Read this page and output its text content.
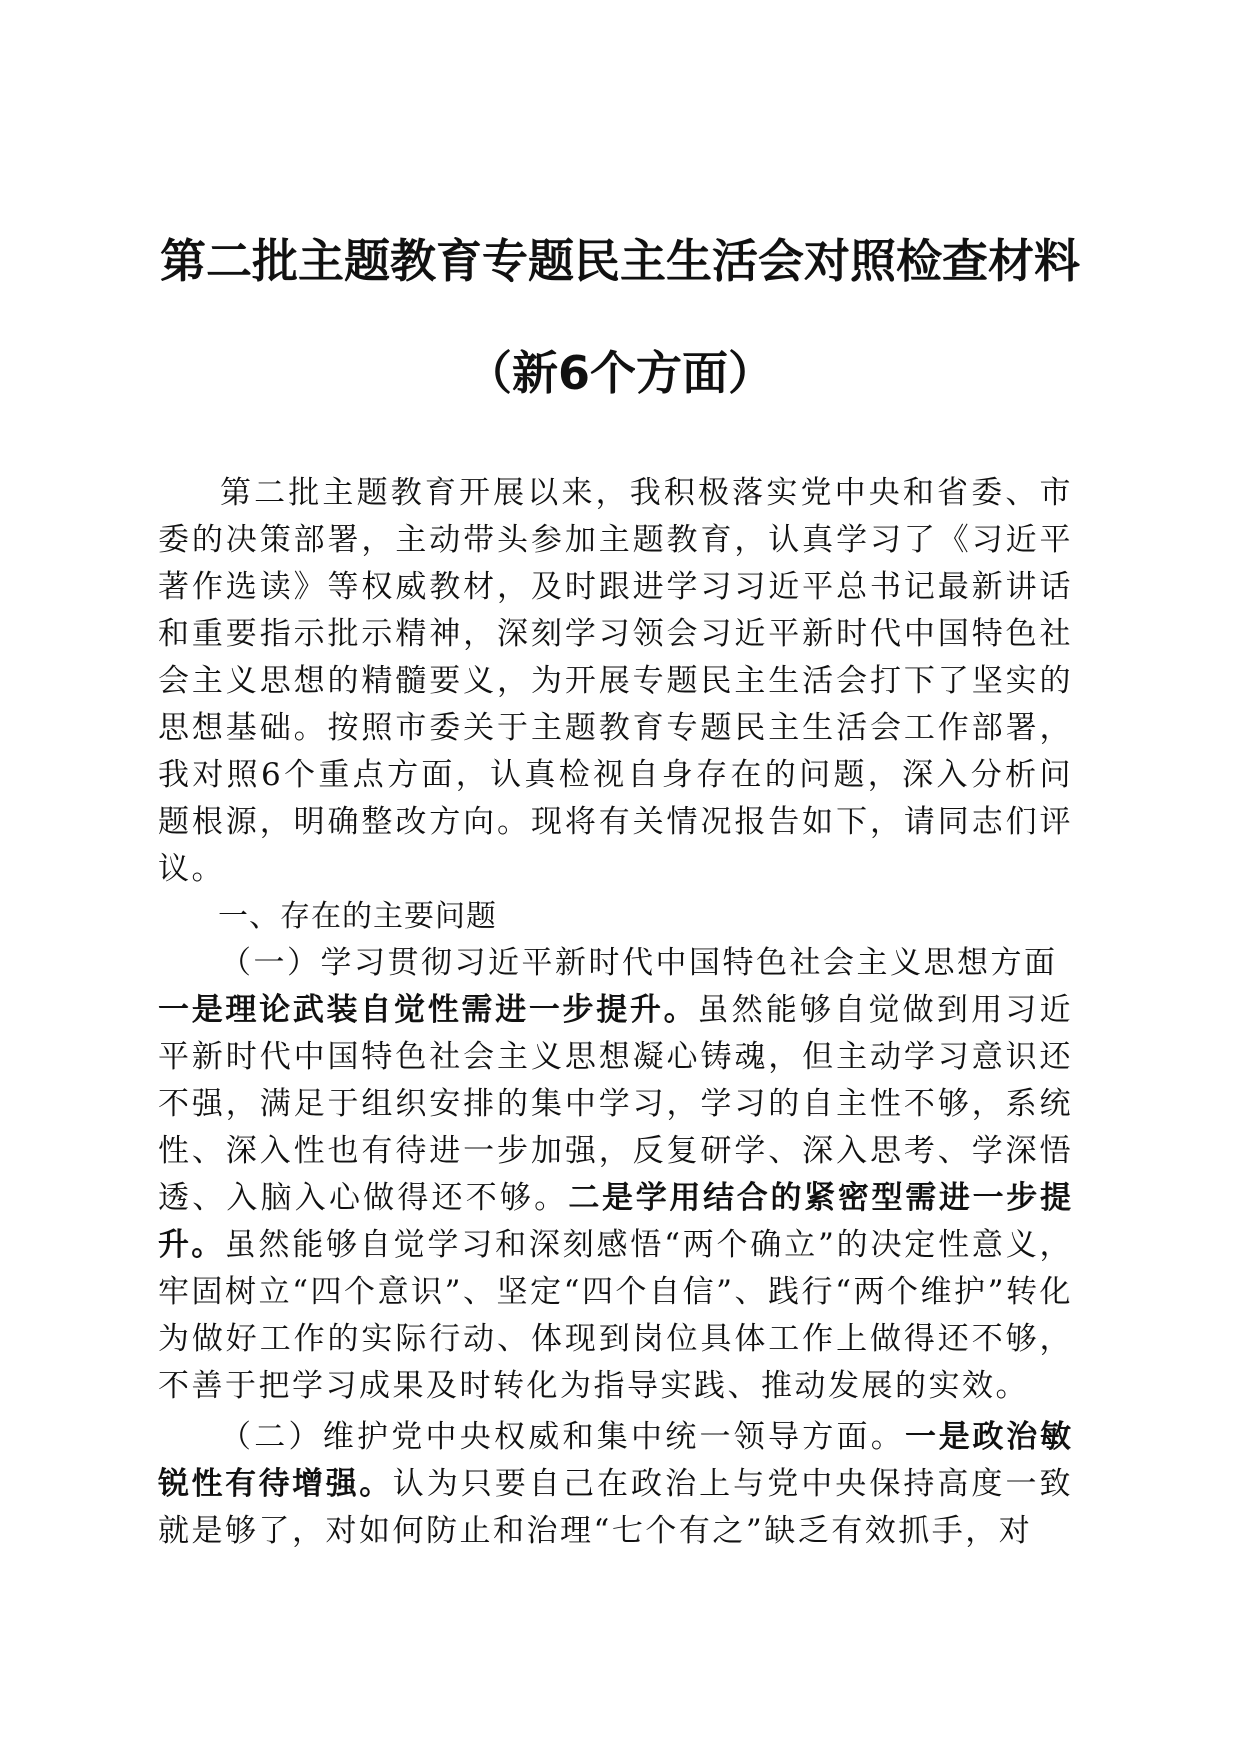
第二批主题教育专题民主生活会对照检查材料
（新6个方面）

第二批主题教育开展以来，我积极落实党中央和省委、市委的决策部署，主动带头参加主题教育，认真学习了《习近平著作选读》等权威教材，及时跟进学习习近平总书记最新讲话和重要指示批示精神，深刻学习领会习近平新时代中国特色社会主义思想的精髓要义，为开展专题民主生活会打下了坚实的思想基础。按照市委关于主题教育专题民主生活会工作部署，我对照6个重点方面，认真检视自身存在的问题，深入分析问题根源，明确整改方向。现将有关情况报告如下，请同志们评议。

一、存在的主要问题

（一）学习贯彻习近平新时代中国特色社会主义思想方面

一是理论武装自觉性需进一步提升。虽然能够自觉做到用习近平新时代中国特色社会主义思想凝心铸魂，但主动学习意识还不强，满足于组织安排的集中学习，学习的自主性不够，系统性、深入性也有待进一步加强，反复研学、深入思考、学深悟透、入脑入心做得还不够。二是学用结合的紧密型需进一步提升。虽然能够自觉学习和深刻感悟“两个确立”的决定性意义，牢固树立“四个意识”、坚定“四个自信”、践行“两个维护”转化为做好工作的实际行动、体现到岗位具体工作上做得还不够，不善于把学习成果及时转化为指导实践、推动发展的实效。

（二）维护党中央权威和集中统一领导方面。一是政治敏锐性有待增强。认为只要自己在政治上与党中央保持高度一致就是够了，对如何防止和治理“七个有之”缺乏有效抓手，对
